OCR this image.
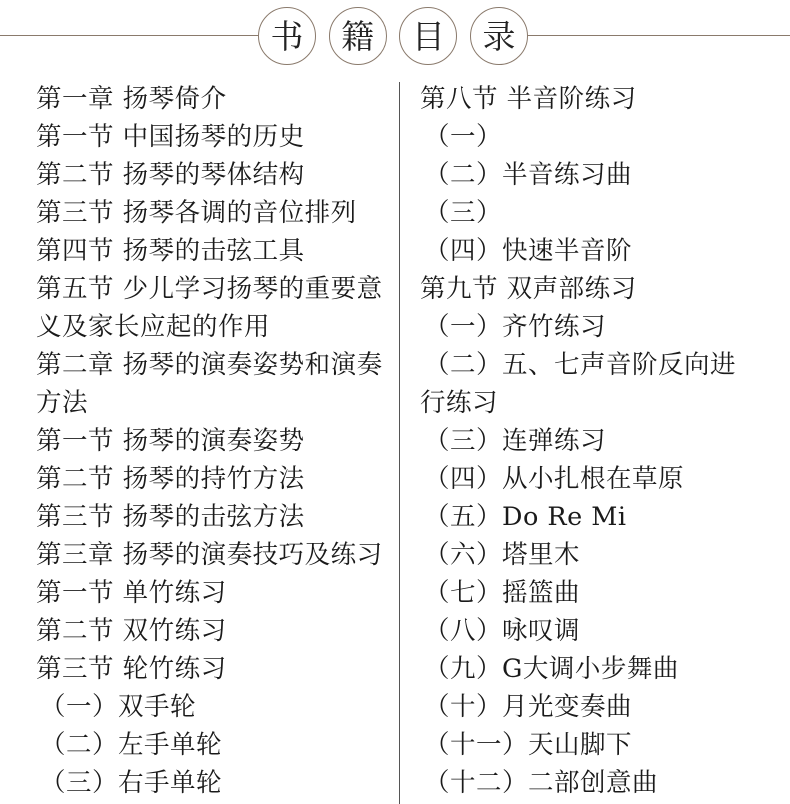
书	籍	目	录
第一章 扬琴倚介
第一节 中国扬琴的历史
第二节 扬琴的琴体结构
第三节 扬琴各调的音位排列
第四节 扬琴的击弦工具
第五节 少儿学习扬琴的重要意
义及家长应起的作用
第二章 扬琴的演奏姿势和演奏
方法
第一节 扬琴的演奏姿势
第二节 扬琴的持竹方法
第三节 扬琴的击弦方法
第三章 扬琴的演奏技巧及练习
第一节 单竹练习
第二节 双竹练习
第三节 轮竹练习
（一）双手轮
（二）左手单轮
（三）右手单轮
第八节 半音阶练习
（一）
（二）半音练习曲
（三）
（四）快速半音阶
第九节 双声部练习
（一）齐竹练习
（二）五、七声音阶反向进
行练习
（三）连弹练习
（四）从小扎根在草原
（五）Do Re Mi
（六）塔里木
（七）摇篮曲
（八）咏叹调
（九）G大调小步舞曲
（十）月光变奏曲
（十一）天山脚下
（十二）二部创意曲
